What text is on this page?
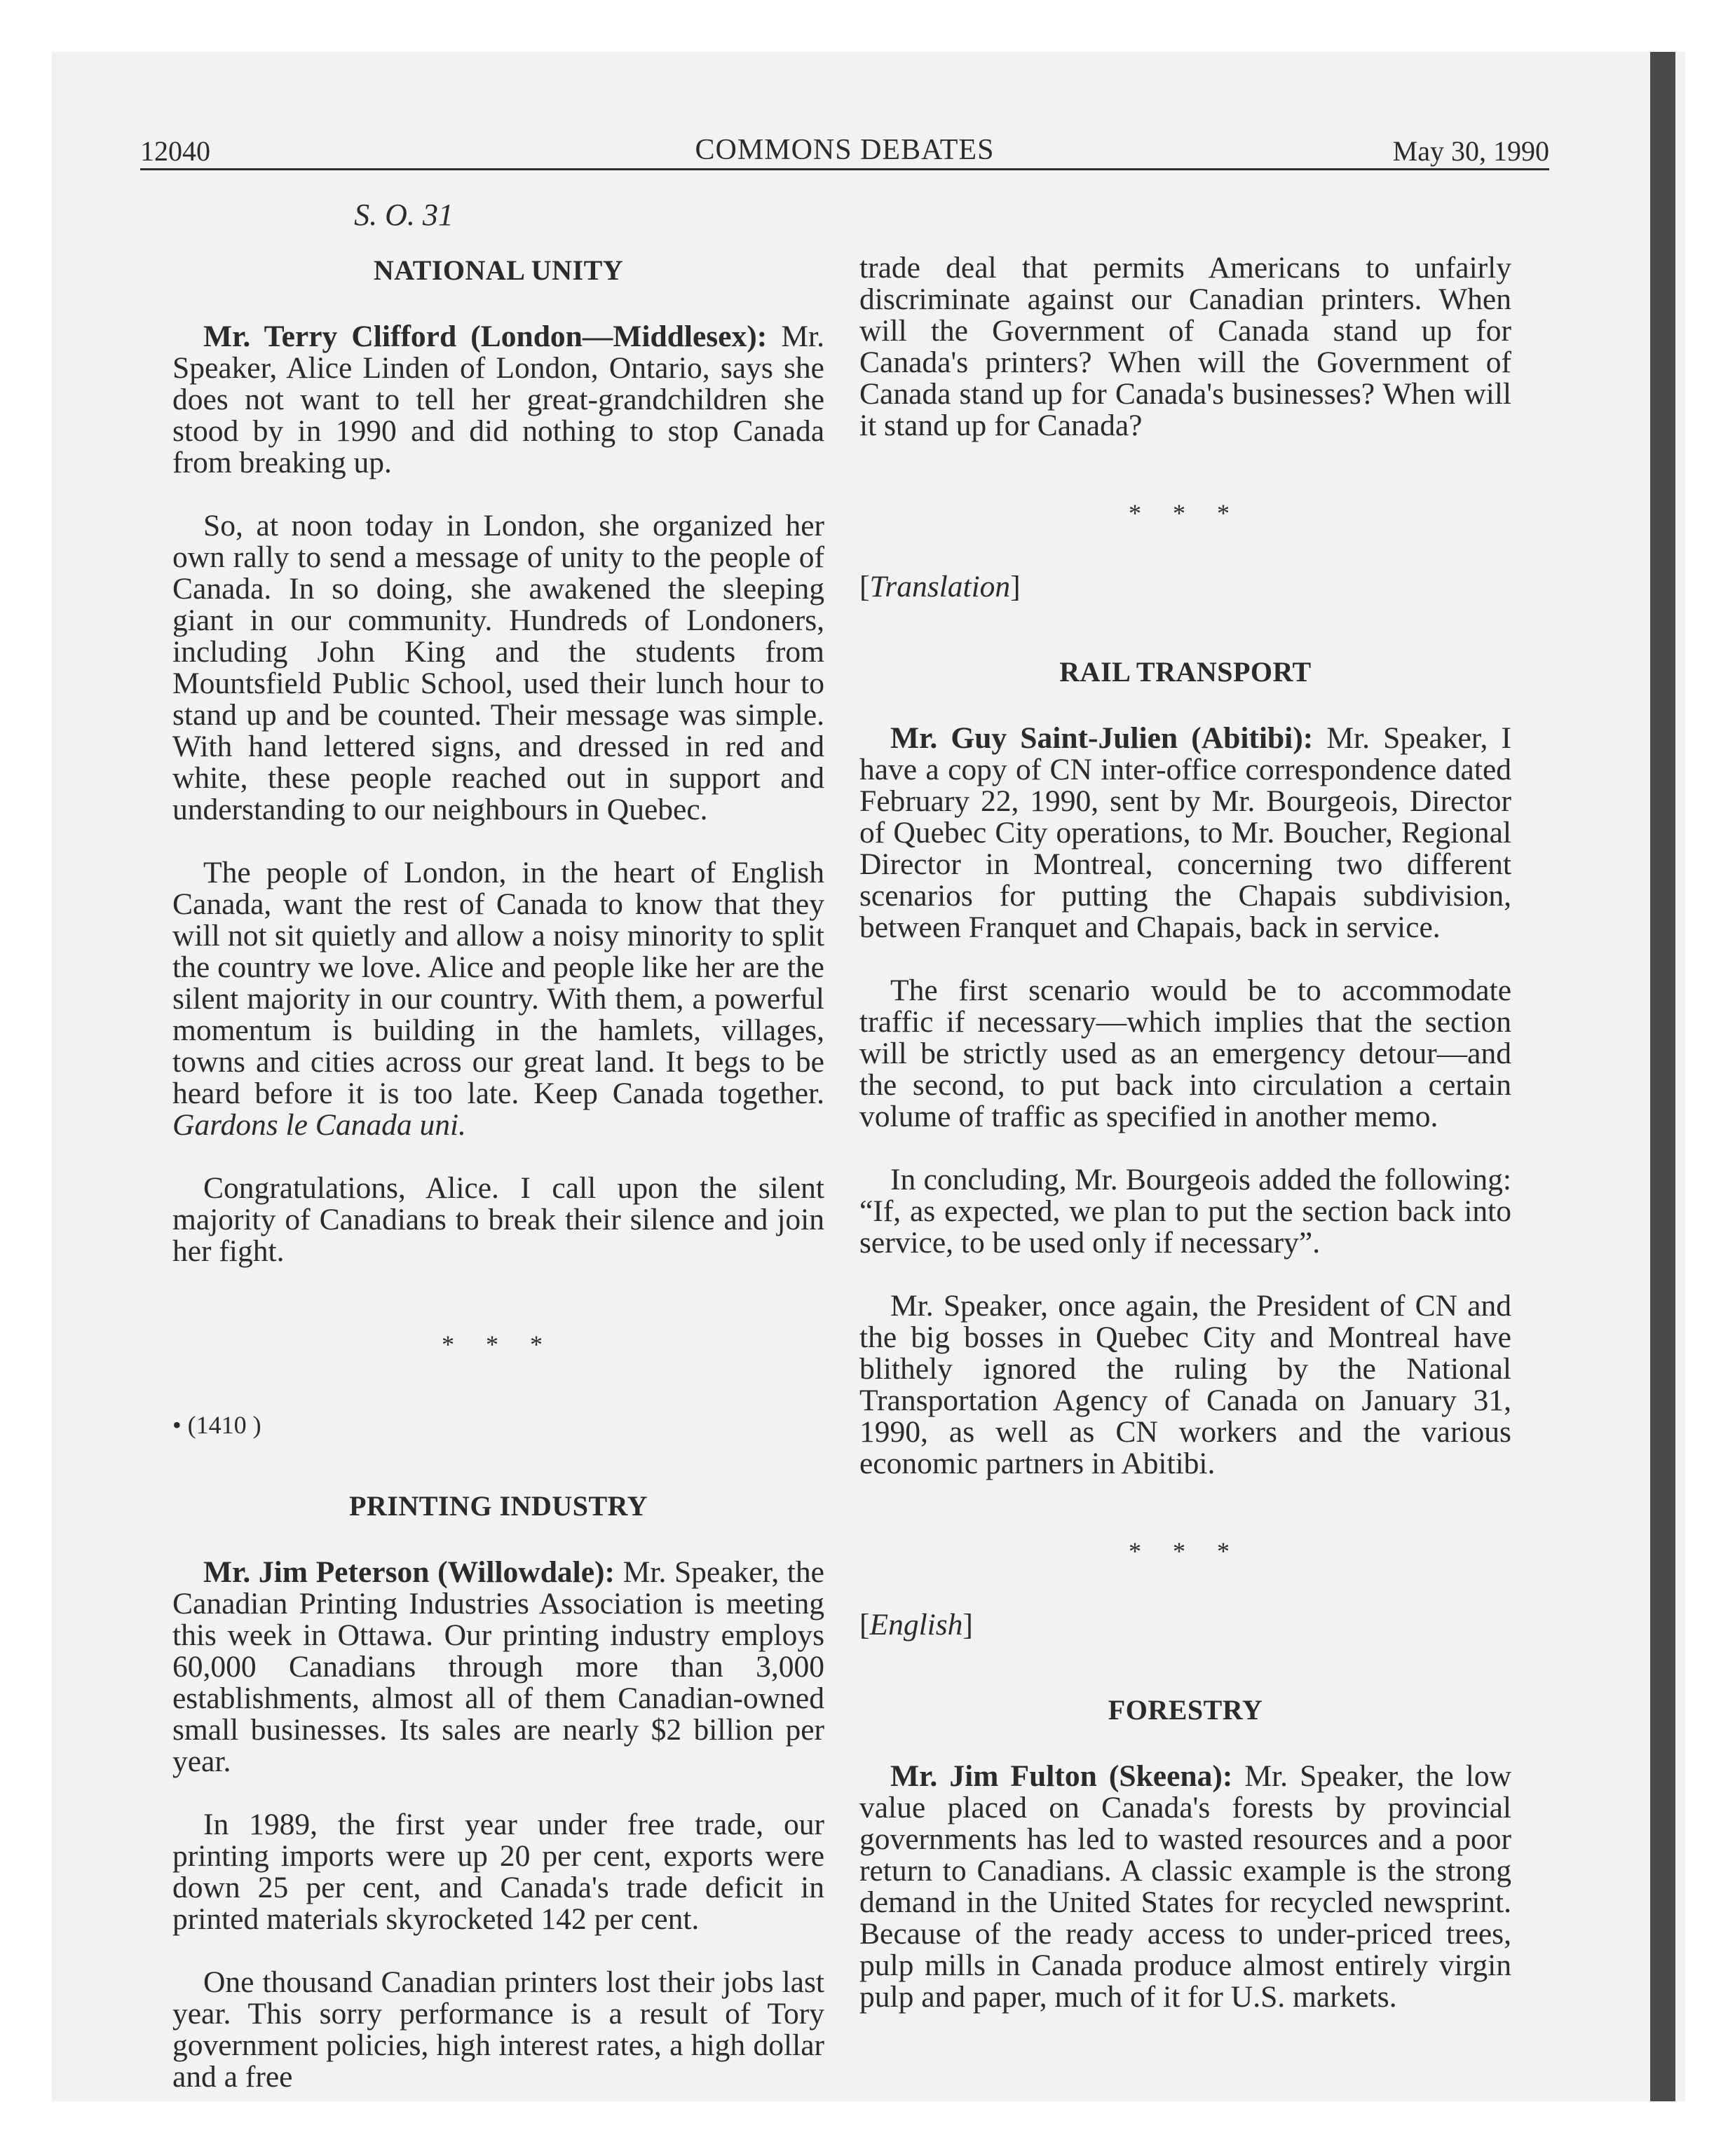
12040	COMMONS DEBATES	May 30, 1990
S. O. 31
NATIONAL UNITY

Mr. Terry Clifford (London—Middlesex): Mr. Speaker, Alice Linden of London, Ontario, says she does not want to tell her great-grandchildren she stood by in 1990 and did nothing to stop Canada from breaking up.

So, at noon today in London, she organized her own rally to send a message of unity to the people of Canada. In so doing, she awakened the sleeping giant in our community. Hundreds of Londoners, including John King and the students from Mountsfield Public School, used their lunch hour to stand up and be counted. Their message was simple. With hand lettered signs, and dressed in red and white, these people reached out in support and understanding to our neighbours in Quebec.

The people of London, in the heart of English Canada, want the rest of Canada to know that they will not sit quietly and allow a noisy minority to split the country we love. Alice and people like her are the silent majority in our country. With them, a powerful momentum is building in the hamlets, villages, towns and cities across our great land. It begs to be heard before it is too late. Keep Canada together. Gardons le Canada uni.

Congratulations, Alice. I call upon the silent majority of Canadians to break their silence and join her fight.

* * *
• (1410 )
PRINTING INDUSTRY

Mr. Jim Peterson (Willowdale): Mr. Speaker, the Canadian Printing Industries Association is meeting this week in Ottawa. Our printing industry employs 60,000 Canadians through more than 3,000 establishments, almost all of them Canadian-owned small businesses. Its sales are nearly $2 billion per year.

In 1989, the first year under free trade, our printing imports were up 20 per cent, exports were down 25 per cent, and Canada's trade deficit in printed materials skyrocketed 142 per cent.

One thousand Canadian printers lost their jobs last year. This sorry performance is a result of Tory government policies, high interest rates, a high dollar and a free

trade deal that permits Americans to unfairly discriminate against our Canadian printers. When will the Government of Canada stand up for Canada's printers? When will the Government of Canada stand up for Canada's businesses? When will it stand up for Canada?

* * *
[Translation]
RAIL TRANSPORT

Mr. Guy Saint-Julien (Abitibi): Mr. Speaker, I have a copy of CN inter-office correspondence dated February 22, 1990, sent by Mr. Bourgeois, Director of Quebec City operations, to Mr. Boucher, Regional Director in Montreal, concerning two different scenarios for putting the Chapais subdivision, between Franquet and Chapais, back in service.

The first scenario would be to accommodate traffic if necessary—which implies that the section will be strictly used as an emergency detour—and the second, to put back into circulation a certain volume of traffic as specified in another memo.

In concluding, Mr. Bourgeois added the following: “If, as expected, we plan to put the section back into service, to be used only if necessary”.

Mr. Speaker, once again, the President of CN and the big bosses in Quebec City and Montreal have blithely ignored the ruling by the National Transportation Agency of Canada on January 31, 1990, as well as CN workers and the various economic partners in Abitibi.

* * *
[English]
FORESTRY

Mr. Jim Fulton (Skeena): Mr. Speaker, the low value placed on Canada's forests by provincial governments has led to wasted resources and a poor return to Canadians. A classic example is the strong demand in the United States for recycled newsprint. Because of the ready access to under-priced trees, pulp mills in Canada produce almost entirely virgin pulp and paper, much of it for U.S. markets.
